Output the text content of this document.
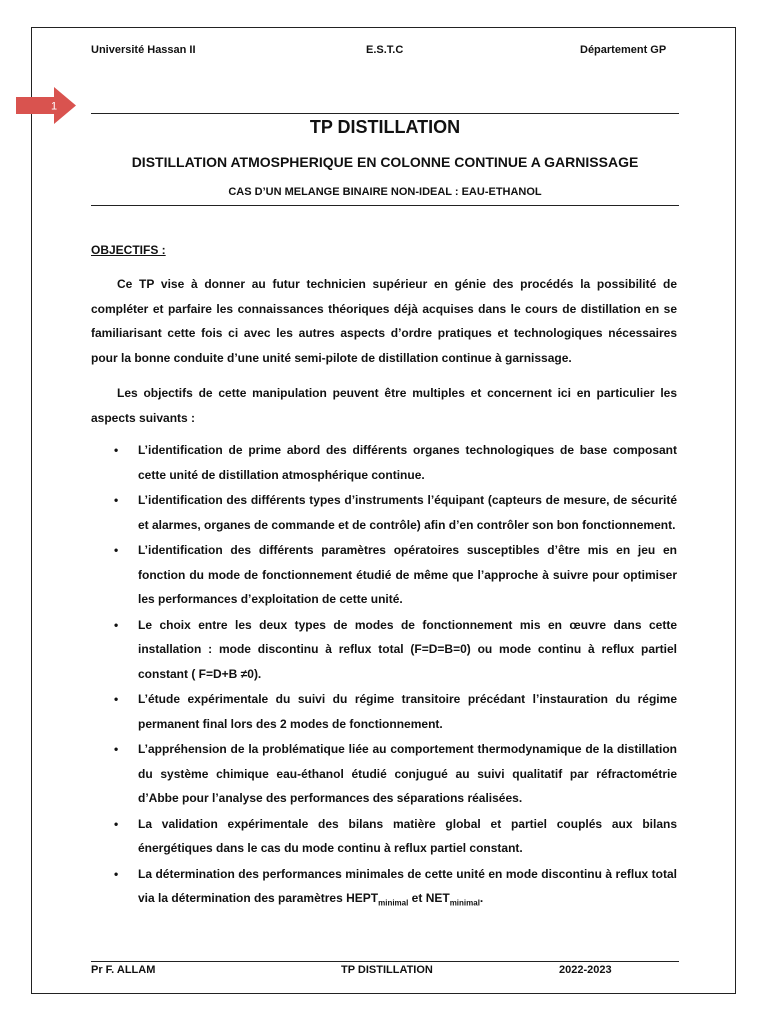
Université Hassan II	E.S.T.C	Département GP
1
TP DISTILLATION
DISTILLATION ATMOSPHERIQUE EN COLONNE CONTINUE A GARNISSAGE
CAS D’UN MELANGE BINAIRE NON-IDEAL : EAU-ETHANOL
OBJECTIFS :

Ce TP vise à donner au futur technicien supérieur en génie des procédés la possibilité de compléter et parfaire les connaissances théoriques déjà acquises dans le cours de distillation en se familiarisant cette fois ci avec les autres aspects d’ordre pratiques et technologiques nécessaires pour la bonne conduite d’une unité semi-pilote de distillation continue à garnissage.

Les objectifs de cette manipulation peuvent être multiples et concernent ici en particulier les aspects suivants :

• L’identification de prime abord des différents organes technologiques de base composant cette unité de distillation atmosphérique continue.
• L’identification des différents types d’instruments l’équipant (capteurs de mesure, de sécurité et alarmes, organes de commande et de contrôle) afin d’en contrôler son bon fonctionnement.
• L’identification des différents paramètres opératoires susceptibles d’être mis en jeu en fonction du mode de fonctionnement étudié de même que l’approche à suivre pour optimiser les performances d’exploitation de cette unité.
• Le choix entre les deux types de modes de fonctionnement mis en œuvre dans cette installation : mode discontinu à reflux total (F=D=B=0) ou mode continu à reflux partiel constant ( F=D+B ≠0).
• L’étude expérimentale du suivi du régime transitoire précédant l’instauration du régime permanent final lors des 2 modes de fonctionnement.
• L’appréhension de la problématique liée au comportement thermodynamique de la distillation du système chimique eau-éthanol étudié conjugué au suivi qualitatif par réfractométrie d’Abbe pour l’analyse des performances des séparations réalisées.
• La validation expérimentale des bilans matière global et partiel couplés aux bilans énergétiques dans le cas du mode continu à reflux partiel constant.
• La détermination des performances minimales de cette unité en mode discontinu à reflux total via la détermination des paramètres $HEPT_{minimal}$ et $NET_{minimal}$.
Pr F. ALLAM	TP DISTILLATION	2022-2023
